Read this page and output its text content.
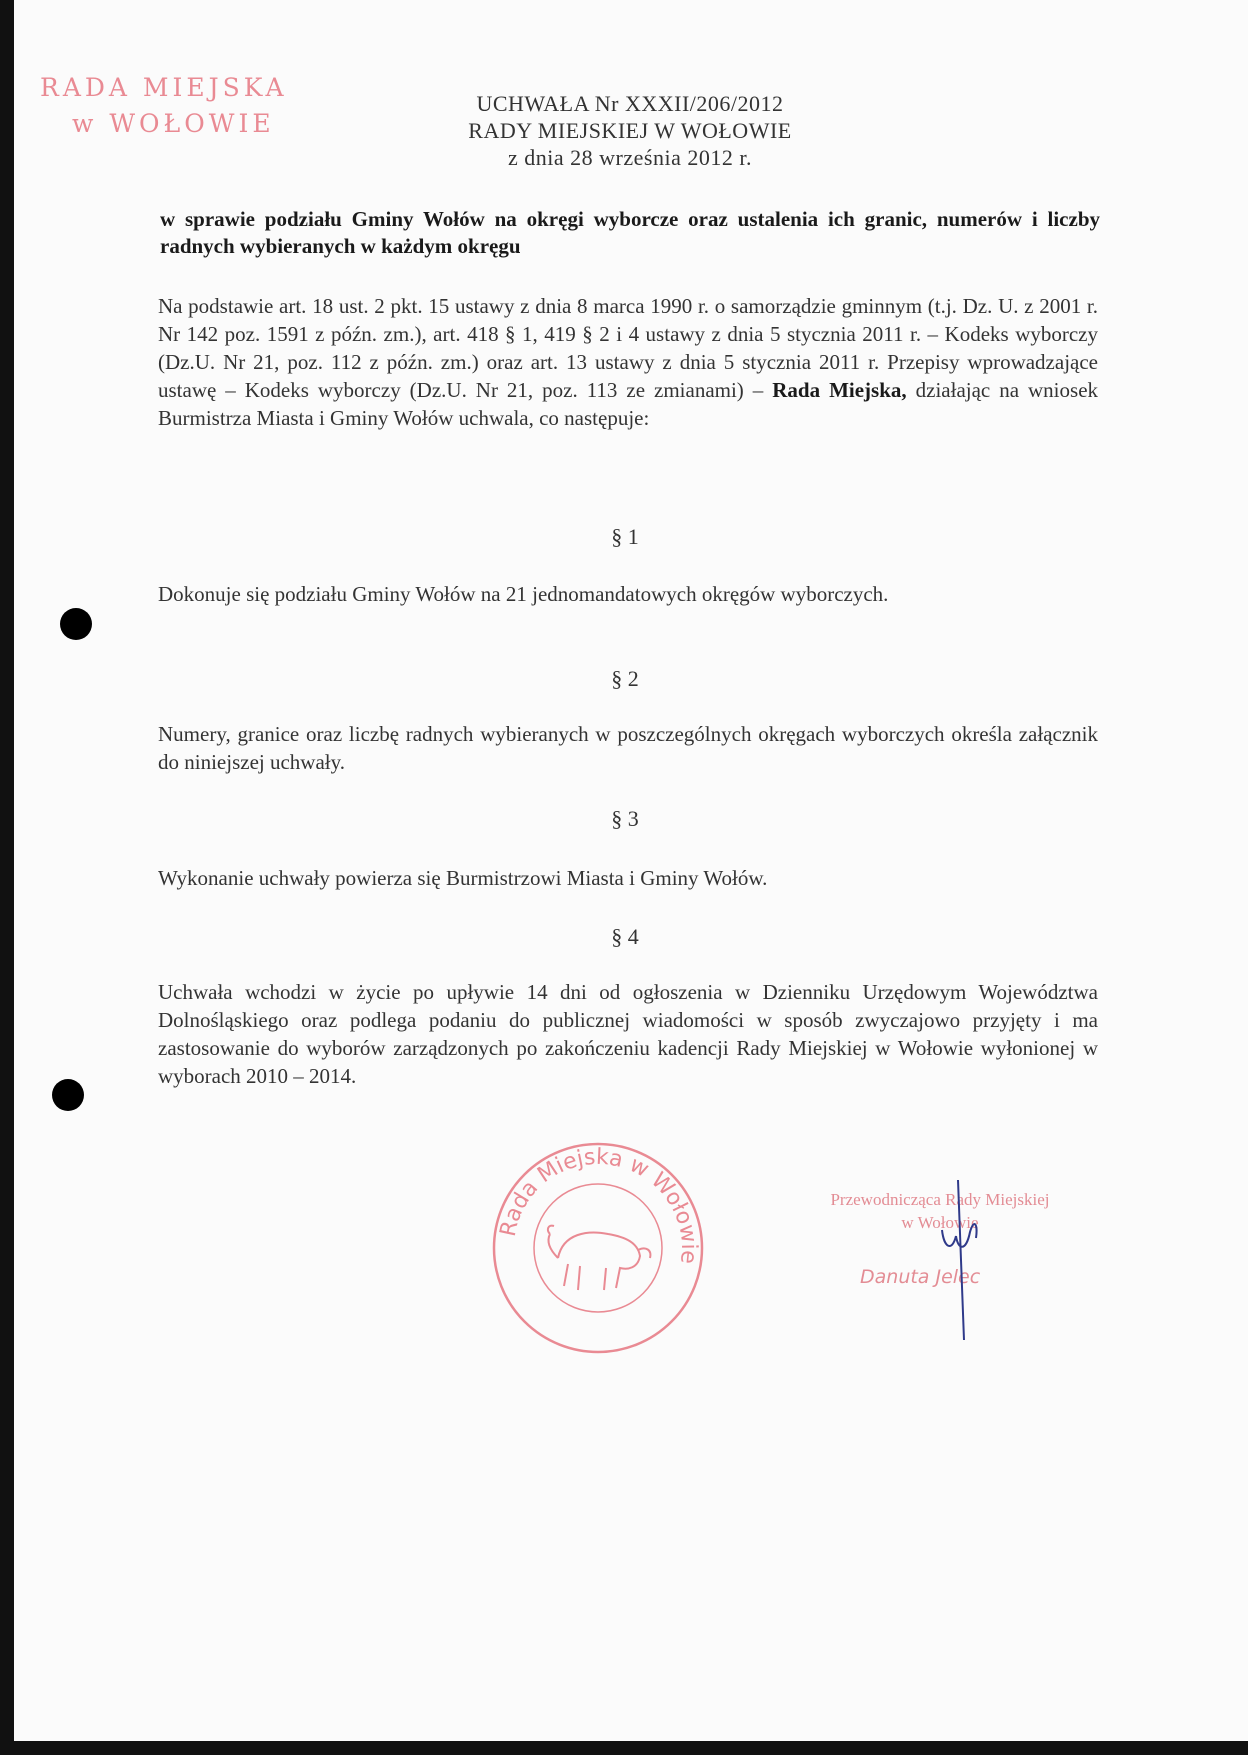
RADA MIEJSKA
w WOŁOWIE
UCHWAŁA Nr XXXII/206/2012
RADY MIEJSKIEJ W WOŁOWIE
z dnia 28 września 2012 r.
w sprawie podziału Gminy Wołów na okręgi wyborcze oraz ustalenia ich granic, numerów i liczby radnych wybieranych w każdym okręgu
Na podstawie art. 18 ust. 2 pkt. 15 ustawy z dnia 8 marca 1990 r. o samorządzie gminnym (t.j. Dz. U. z 2001 r. Nr 142 poz. 1591 z późn. zm.), art. 418 § 1, 419 § 2 i 4 ustawy z dnia 5 stycznia 2011 r. – Kodeks wyborczy (Dz.U. Nr 21, poz. 112 z późn. zm.) oraz art. 13 ustawy z dnia 5 stycznia 2011 r. Przepisy wprowadzające ustawę – Kodeks wyborczy (Dz.U. Nr 21, poz. 113 ze zmianami) – Rada Miejska, działając na wniosek Burmistrza Miasta i Gminy Wołów uchwala, co następuje:
§ 1
Dokonuje się podziału Gminy Wołów na 21 jednomandatowych okręgów wyborczych.
§ 2
Numery, granice oraz liczbę radnych wybieranych w poszczególnych okręgach wyborczych określa załącznik do niniejszej uchwały.
§ 3
Wykonanie uchwały powierza się Burmistrzowi Miasta i Gminy Wołów.
§ 4
Uchwała wchodzi w życie po upływie 14 dni od ogłoszenia w Dzienniku Urzędowym Województwa Dolnośląskiego oraz podlega podaniu do publicznej wiadomości w sposób zwyczajowo przyjęty i ma zastosowanie do wyborów zarządzonych po zakończeniu kadencji Rady Miejskiej w Wołowie wyłonionej w wyborach 2010 – 2014.
Rada Miejska w Wołowie
Przewodnicząca Rady Miejskiej
w Wołowie
Danuta Jelec
